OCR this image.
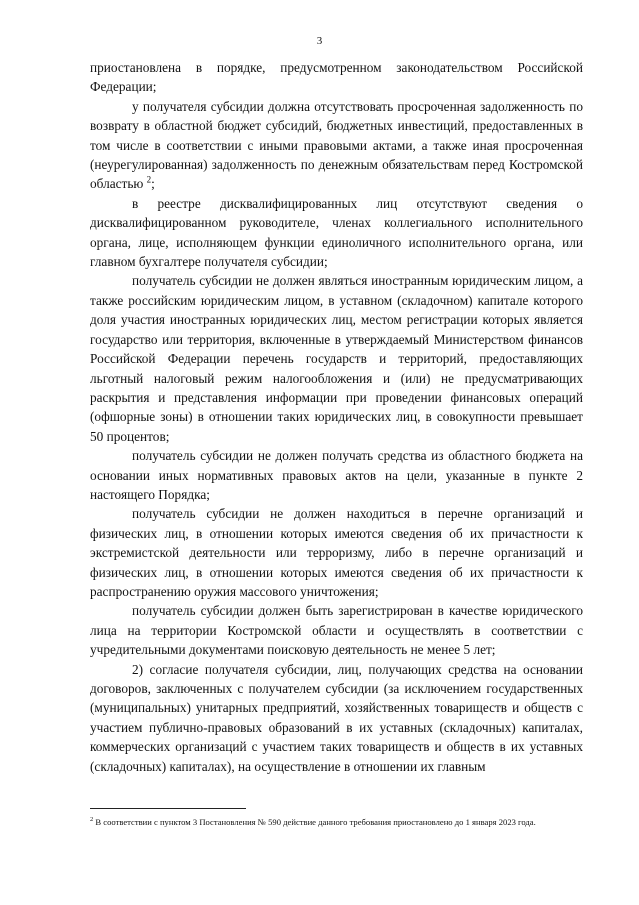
3

приостановлена в порядке, предусмотренном законодательством Российской Федерации;

у получателя субсидии должна отсутствовать просроченная задолженность по возврату в областной бюджет субсидий, бюджетных инвестиций, предоставленных в том числе в соответствии с иными правовыми актами, а также иная просроченная (неурегулированная) задолженность по денежным обязательствам перед Костромской областью $^2$;

в реестре дисквалифицированных лиц отсутствуют сведения о дисквалифицированном руководителе, членах коллегиального исполнительного органа, лице, исполняющем функции единоличного исполнительного органа, или главном бухгалтере получателя субсидии;

получатель субсидии не должен являться иностранным юридическим лицом, а также российским юридическим лицом, в уставном (складочном) капитале которого доля участия иностранных юридических лиц, местом регистрации которых является государство или территория, включенные в утверждаемый Министерством финансов Российской Федерации перечень государств и территорий, предоставляющих льготный налоговый режим налогообложения и (или) не предусматривающих раскрытия и представления информации при проведении финансовых операций (офшорные зоны) в отношении таких юридических лиц, в совокупности превышает 50 процентов;

получатель субсидии не должен получать средства из областного бюджета на основании иных нормативных правовых актов на цели, указанные в пункте 2 настоящего Порядка;

получатель субсидии не должен находиться в перечне организаций и физических лиц, в отношении которых имеются сведения об их причастности к экстремистской деятельности или терроризму, либо в перечне организаций и физических лиц, в отношении которых имеются сведения об их причастности к распространению оружия массового уничтожения;

получатель субсидии должен быть зарегистрирован в качестве юридического лица на территории Костромской области и осуществлять в соответствии с учредительными документами поисковую деятельность не менее 5 лет;

2) согласие получателя субсидии, лиц, получающих средства на основании договоров, заключенных с получателем субсидии (за исключением государственных (муниципальных) унитарных предприятий, хозяйственных товариществ и обществ с участием публично-правовых образований в их уставных (складочных) капиталах, коммерческих организаций с участием таких товариществ и обществ в их уставных (складочных) капиталах), на осуществление в отношении их главным

$^2$ В соответствии с пунктом 3 Постановления № 590 действие данного требования приостановлено до 1 января 2023 года.
